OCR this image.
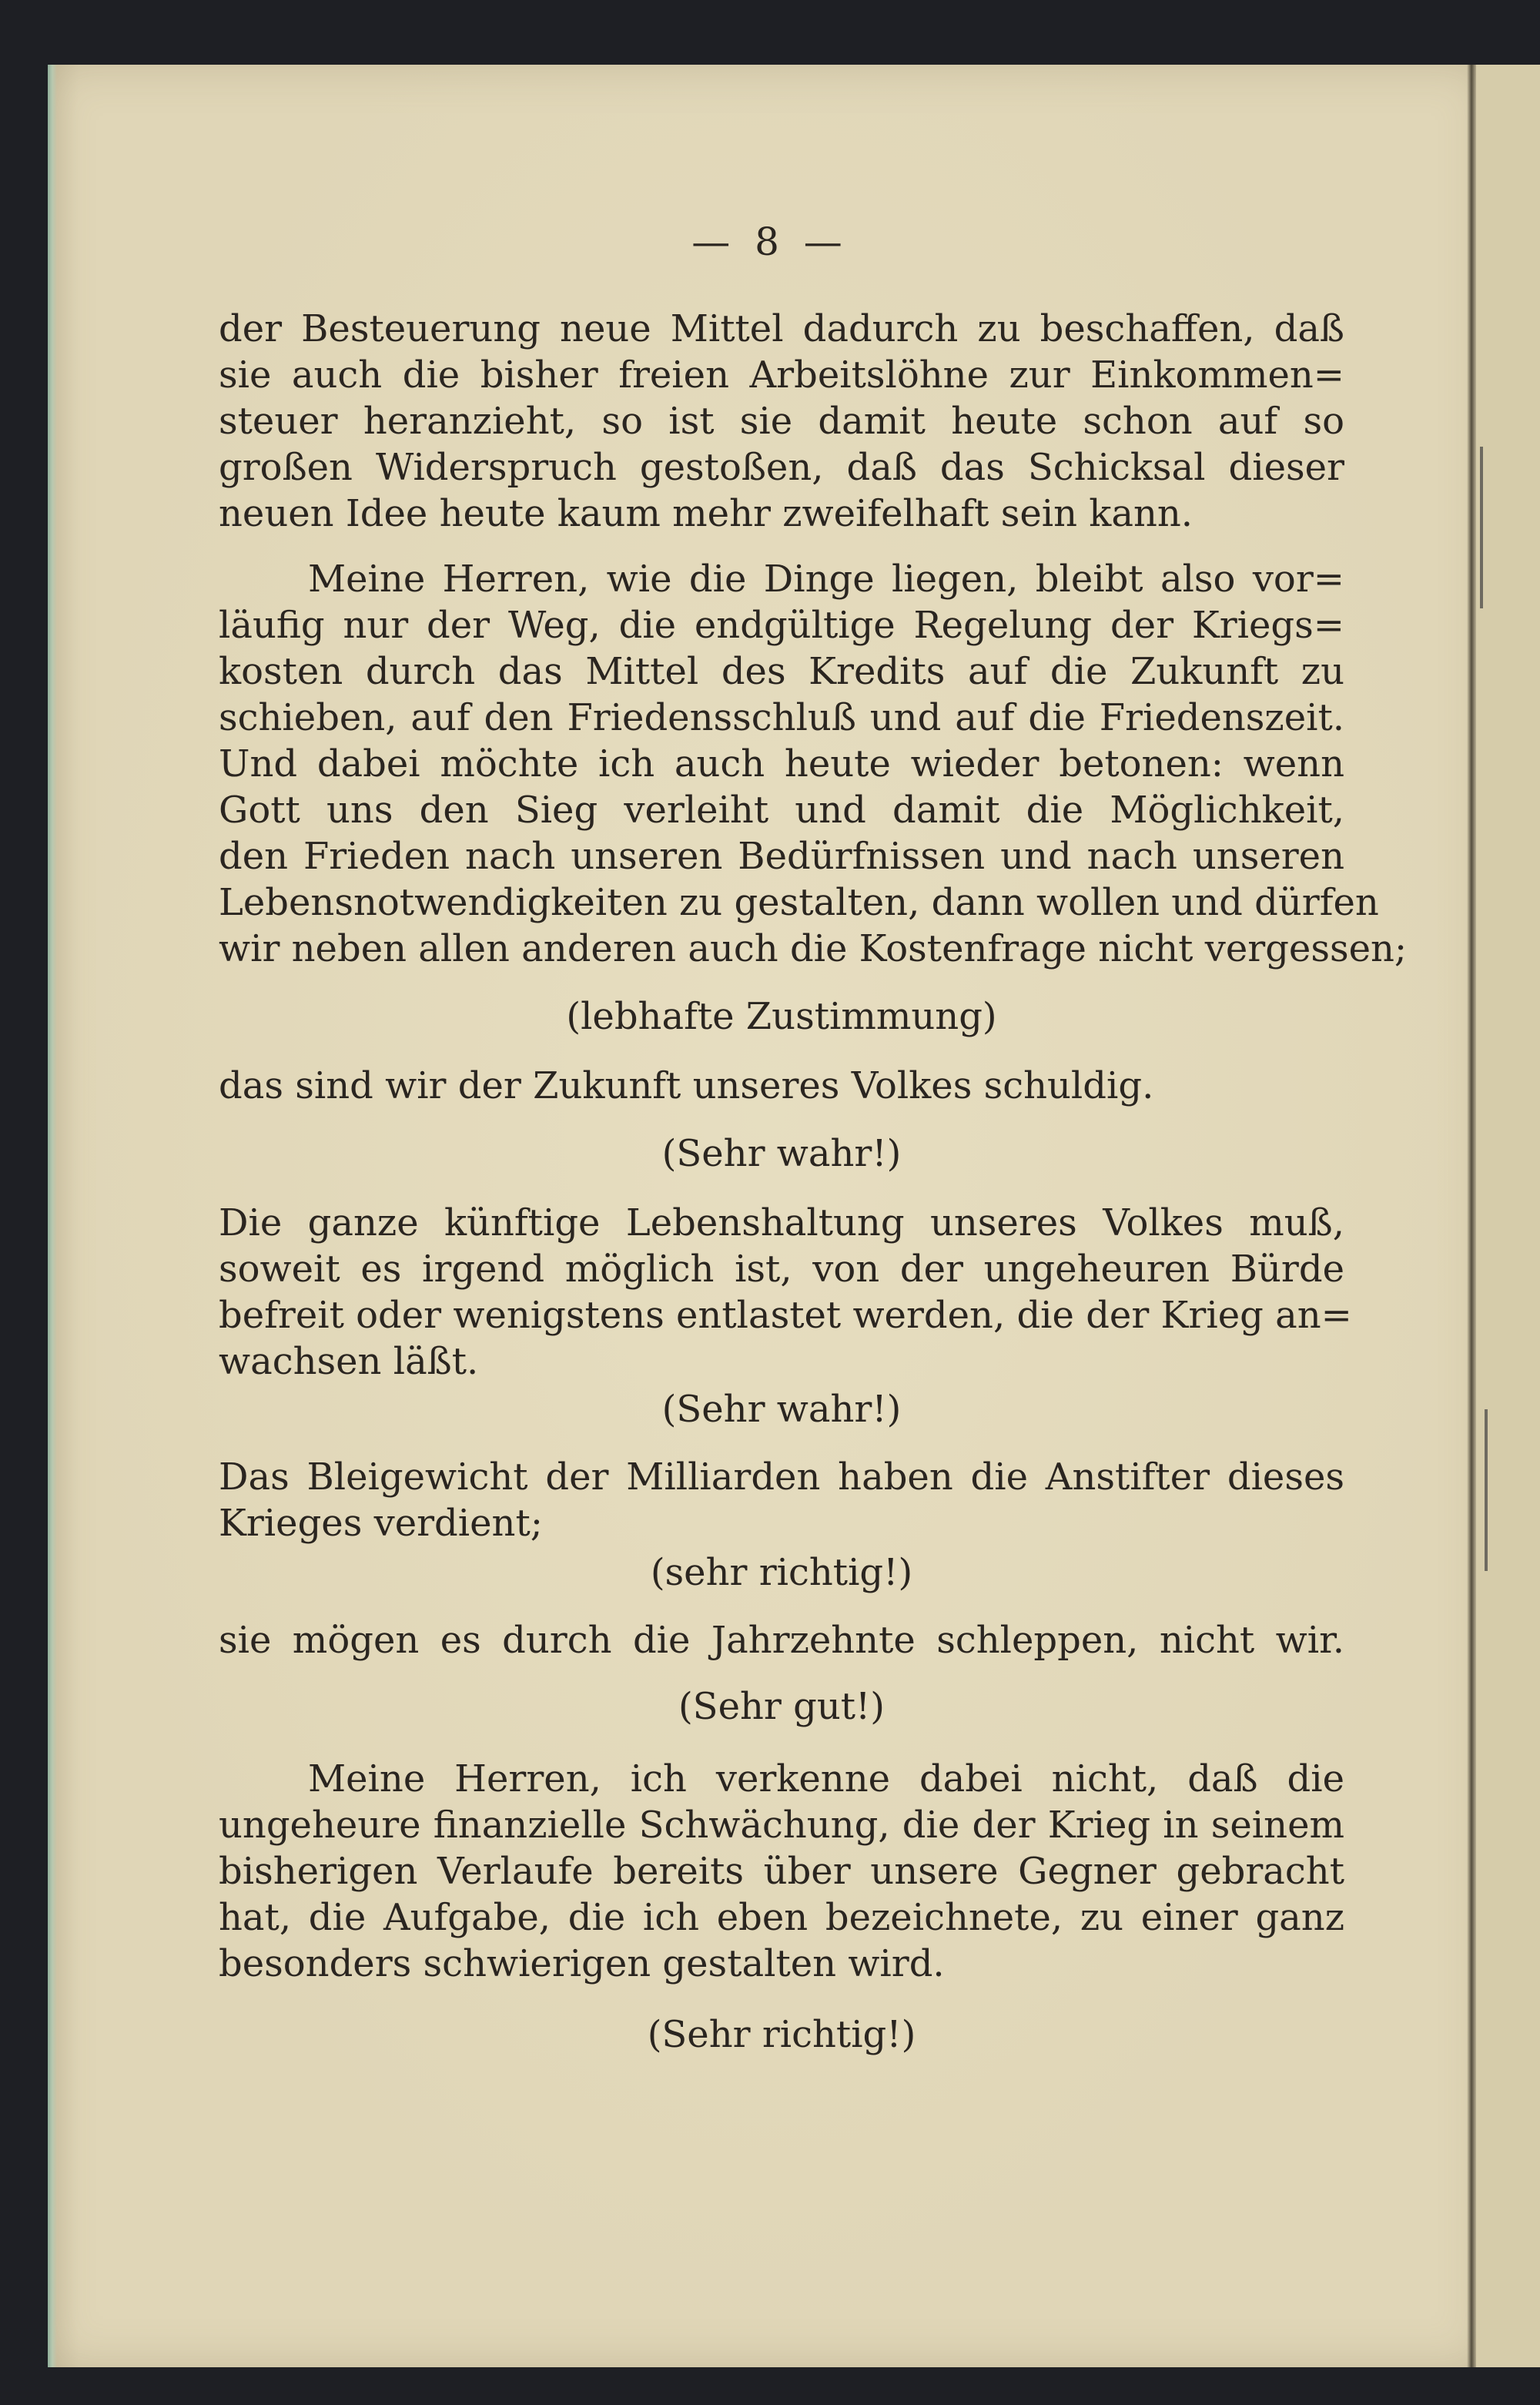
— 8 —
der Besteuerung neue Mittel dadurch zu beschaffen, daß
sie auch die bisher freien Arbeitslöhne zur Einkommen=
steuer heranzieht, so ist sie damit heute schon auf so
großen Widerspruch gestoßen, daß das Schicksal dieser
neuen Idee heute kaum mehr zweifelhaft sein kann.
Meine Herren, wie die Dinge liegen, bleibt also vor=
läufig nur der Weg, die endgültige Regelung der Kriegs=
kosten durch das Mittel des Kredits auf die Zukunft zu
schieben, auf den Friedensschluß und auf die Friedenszeit.
Und dabei möchte ich auch heute wieder betonen: wenn
Gott uns den Sieg verleiht und damit die Möglichkeit,
den Frieden nach unseren Bedürfnissen und nach unseren
Lebensnotwendigkeiten zu gestalten, dann wollen und dürfen
wir neben allen anderen auch die Kostenfrage nicht vergessen;
(lebhafte Zustimmung)
das sind wir der Zukunft unseres Volkes schuldig.
(Sehr wahr!)
Die ganze künftige Lebenshaltung unseres Volkes muß,
soweit es irgend möglich ist, von der ungeheuren Bürde
befreit oder wenigstens entlastet werden, die der Krieg an=
wachsen läßt.
(Sehr wahr!)
Das Bleigewicht der Milliarden haben die Anstifter dieses
Krieges verdient;
(sehr richtig!)
sie mögen es durch die Jahrzehnte schleppen, nicht wir.
(Sehr gut!)
Meine Herren, ich verkenne dabei nicht, daß die
ungeheure finanzielle Schwächung, die der Krieg in seinem
bisherigen Verlaufe bereits über unsere Gegner gebracht
hat, die Aufgabe, die ich eben bezeichnete, zu einer ganz
besonders schwierigen gestalten wird.
(Sehr richtig!)
